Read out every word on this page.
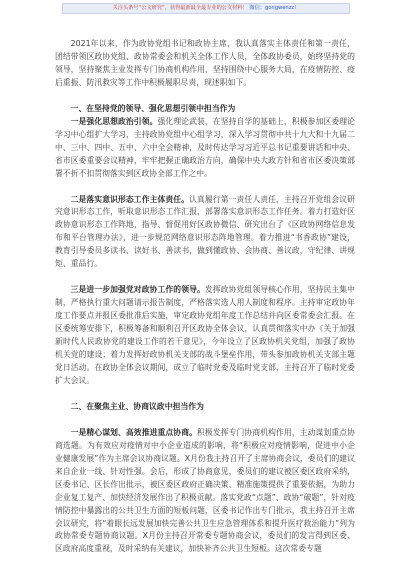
关注头条号“公文研究”，获得最新最全最专业的公文材料！ 微信：gongwenzz）

2021年以来，作为政协党组书记和政协主席，我认真落实主体责任和第一责任，团结带领区政协党组、政协常委会和机关全体工作人员，全体政协委员，始终坚持党的领导，坚持聚焦主业发挥专门协商机构作用，坚持围绕中心服务大局，在疫情防控、疫后重振、防汛救灾等工作中积极履职尽责，现述职如下。

一、在坚持党的领导、强化思想引领中担当作为

一是强化思想政治引领。强化理论武装，在坚持自学的基础上，积极参加区委理论学习中心组扩大学习，主持政协党组中心组学习，深入学习贯彻中共十九大和十九届二中、三中、四中、五中、六中全会精神，及时传达学习习近平总书记重要讲话和中央、省市区委重要会议精神，牢牢把握正确政治方向，确保中央大政方针和省市区委决策部署不折不扣贯彻落实到区政协全部工作之中。

二是落实意识形态工作主体责任。认真履行第一责任人责任，主持召开党组会议研究意识形态工作，听取意识形态工作汇报，部署落实意识形态工作任务。着力打造好区政协意识形态工作阵地，指导、督促用好区政协微信、研究出台了《区政协网络信息发布和平台管理办法》，进一步规范网络意识形态阵地管理。着力推进“书香政协”建设，教育引导委员多读书、读好书、善读书，做到懂政协、会协商、善议政，守纪律、讲规矩、重品行。

三是进一步加强党对政协工作的领导。发挥政协党组领导核心作用，坚持民主集中制，严格执行重大问题请示报告制度，严格落实选人用人制度和程序。主持审定政协年度工作要点并报区委批准后实施，审定政协党组年度工作总结并向区委常委会汇报。在区委统筹安排下，积极筹备和顺利召开区政协全体会议，认真贯彻落实中办《关于加强新时代人民政协党的建设工作的若干意见》，今年设立了区政协机关党组，加强了政协机关党的建设；着力发挥好政协机关支部的战斗堡垒作用，带头参加政协机关支部主题党日活动。在政协全体会议期间，成立了临时党委及临时党支部，主持召开了临时党委扩大会议。

二、在聚焦主业、协商议政中担当作为

一是精心谋划、高效推进重点协商。积极发挥专门协商机构作用，主动谋划重点协商选题。为有效应对疫情对中小企业造成的影响，将“积极应对疫情影响，促进中小企业健康发展”作为主席会议协商议题。X月份我主持召开了主席协商会议，委员们的建议来自企业一线、针对性强。会后，形成了协商意见，委员们的建议被区委区政府采纳，区委书记、区长作出批示，被区委区政府正确决策、精准施策提供了重要依据，为助力企业复工复产、加快经济发展作出了积极贡献。落实党政“点题”、政协“破题”，针对疫情防控中暴露出的公共卫生方面的短板问题，区委书记作出专门批示，我主持召开主席会议研究，将“着眼长远发展加快完善公共卫生应急管理体系和提升医疗救治能力”列为政协常委专题协商议题。X月份主持召开常委专题协商会议，委员们的发言得到区委、区政府高度重视，及时采纳有关建议，加快补齐公共卫生短板。这次常委专题
